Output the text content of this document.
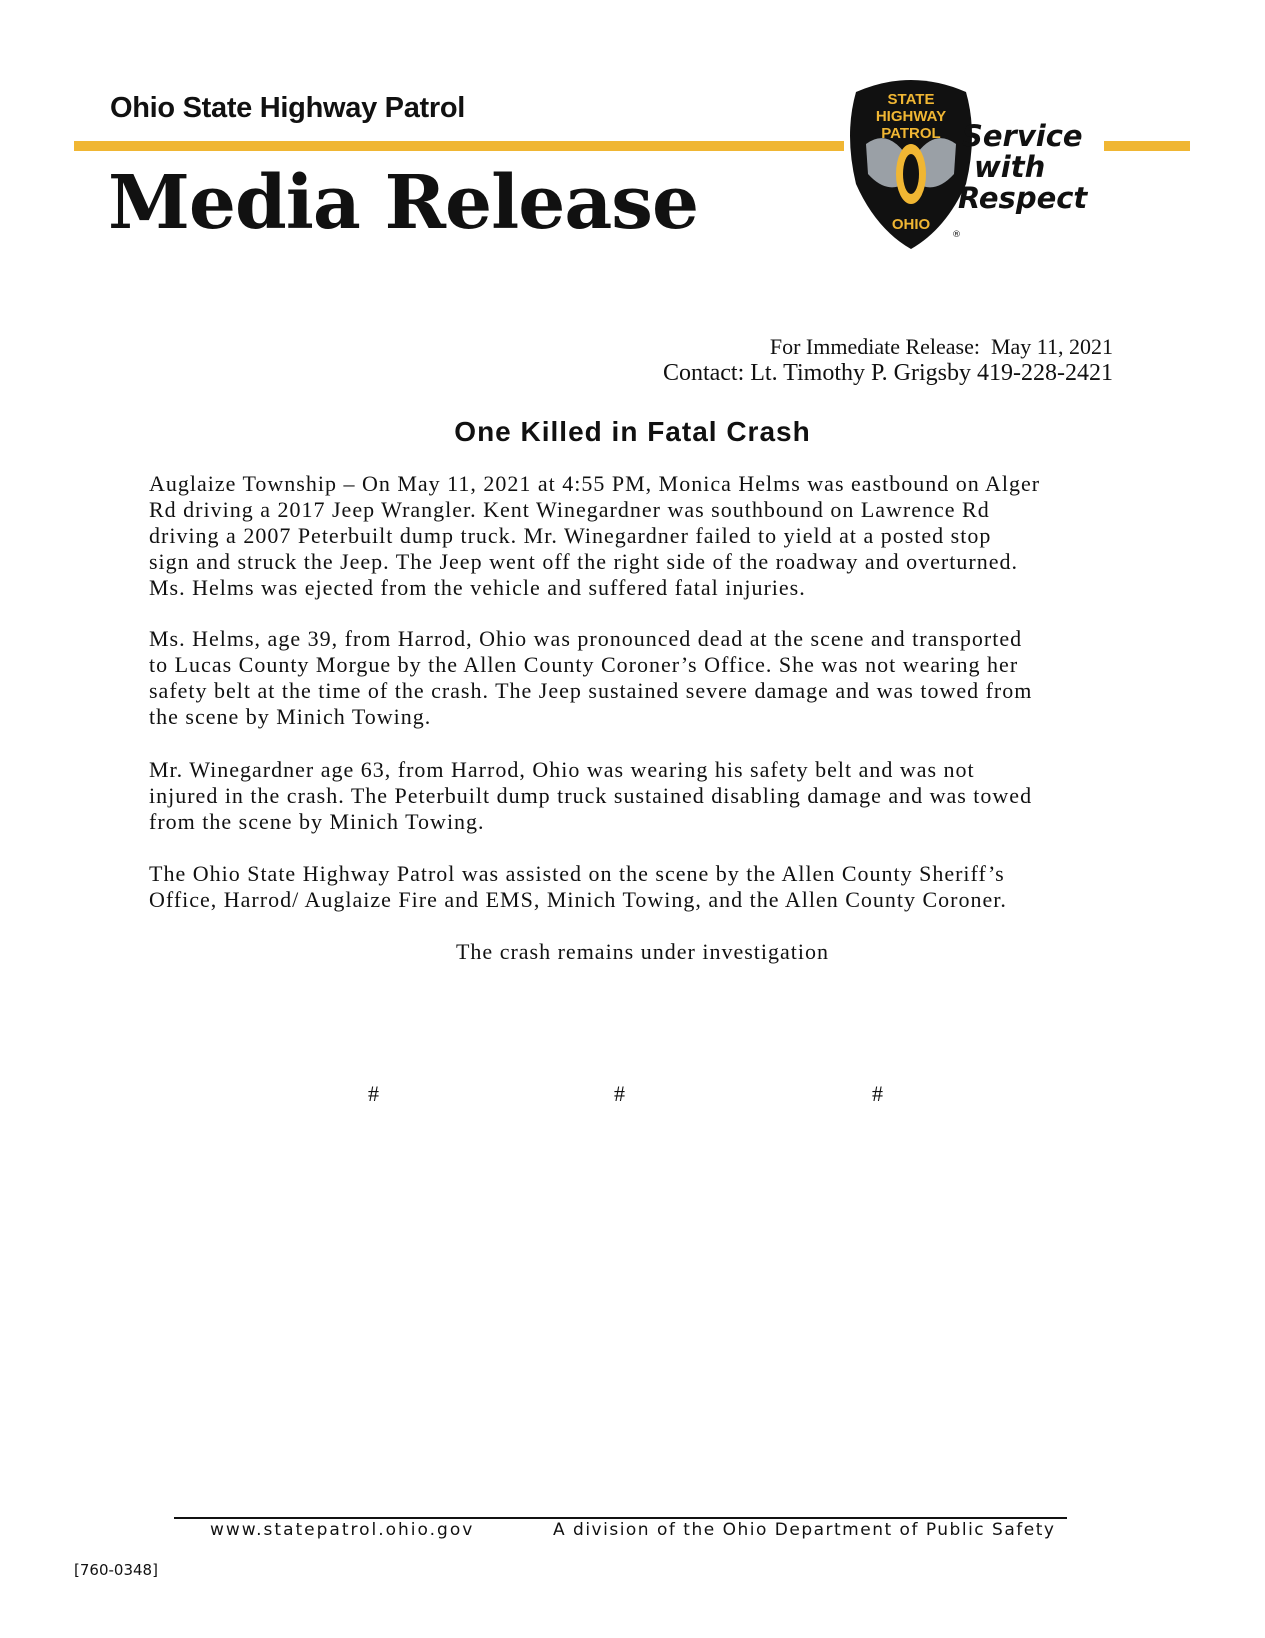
Ohio State Highway Patrol
Media Release
STATE
HIGHWAY
PATROL
OHIO
Service
with
Respect
®
For Immediate Release:  May 11, 2021
Contact: Lt. Timothy P. Grigsby 419-228-2421
One Killed in Fatal Crash
Auglaize Township – On May 11, 2021 at 4:55 PM, Monica Helms was eastbound on Alger
Rd driving a 2017 Jeep Wrangler. Kent Winegardner was southbound on Lawrence Rd
driving a 2007 Peterbuilt dump truck. Mr. Winegardner failed to yield at a posted stop
sign and struck the Jeep. The Jeep went off the right side of the roadway and overturned.
Ms. Helms was ejected from the vehicle and suffered fatal injuries.
Ms. Helms, age 39, from Harrod, Ohio was pronounced dead at the scene and transported
to Lucas County Morgue by the Allen County Coroner’s Office. She was not wearing her
safety belt at the time of the crash. The Jeep sustained severe damage and was towed from
the scene by Minich Towing.
Mr. Winegardner age 63, from Harrod, Ohio was wearing his safety belt and was not
injured in the crash. The Peterbuilt dump truck sustained disabling damage and was towed
from the scene by Minich Towing.
The Ohio State Highway Patrol was assisted on the scene by the Allen County Sheriff’s
Office, Harrod/ Auglaize Fire and EMS, Minich Towing, and the Allen County Coroner.
The crash remains under investigation
#	#	#
www.statepatrol.ohio.gov	A division of the Ohio Department of Public Safety
[760-0348]
